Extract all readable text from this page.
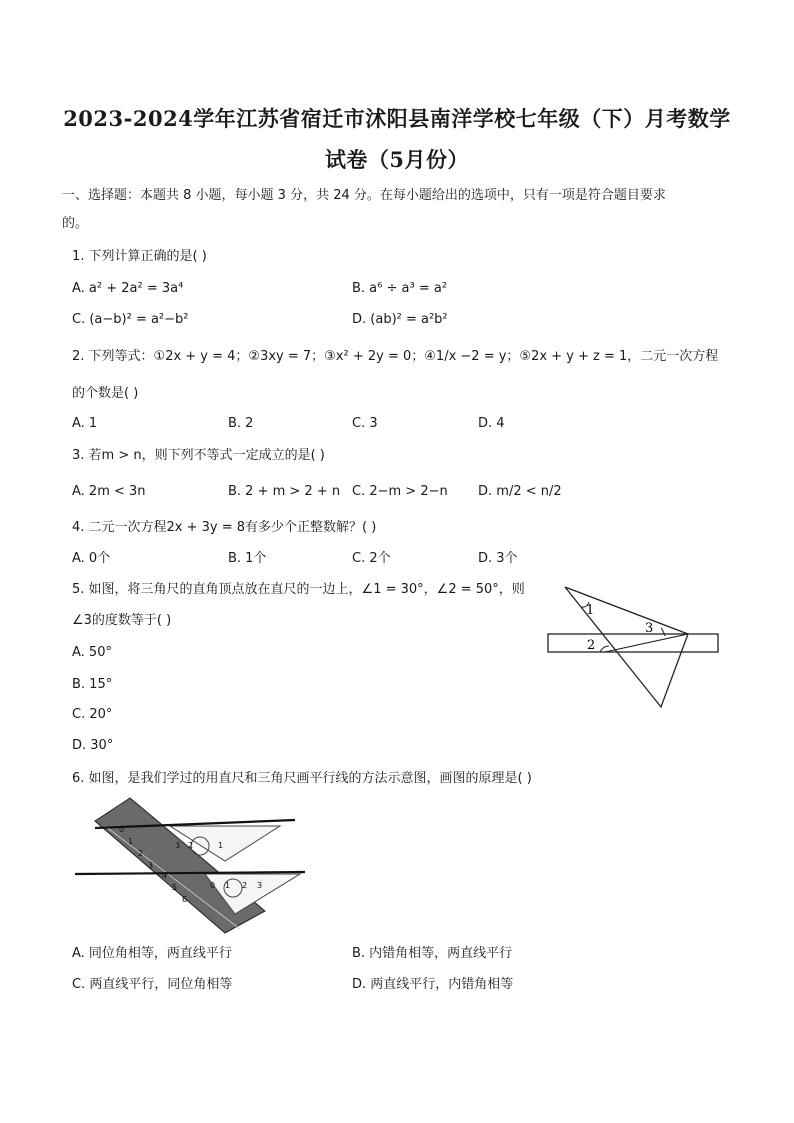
2023-2024学年江苏省宿迁市沭阳县南洋学校七年级（下）月考数学
试卷（5月份）
一、选择题：本题共 8 小题，每小题 3 分，共 24 分。在每小题给出的选项中，只有一项是符合题目要求
的。
1. 下列计算正确的是( )
A. a² + 2a² = 3a⁴	B. a⁶ ÷ a³ = a²
C. (a−b)² = a²−b²	D. (ab)² = a²b²
2. 下列等式：①2x + y = 4；②3xy = 7；③x² + 2y = 0；④1/x −2 = y；⑤2x + y + z = 1，二元一次方程
的个数是( )
A. 1	B. 2	C. 3	D. 4
3. 若m > n，则下列不等式一定成立的是( )
A. 2m < 3n	B. 2 + m > 2 + n C. 2−m > 2−n D. m/2 < n/2
4. 二元一次方程2x + 3y = 8有多少个正整数解？( )
A. 0个	B. 1个	C. 2个	D. 3个
5. 如图，将三角尺的直角顶点放在直尺的一边上，∠1 = 30°，∠2 = 50°，则
∠3的度数等于( )
A. 50°
B. 15°
C. 20°
D. 30°
1
2
3
6. 如图，是我们学过的用直尺和三角尺画平行线的方法示意图，画图的原理是( )
0
1
2
3
4
5
6
3 2	1
0 1 2 3
A. 同位角相等，两直线平行	B. 内错角相等，两直线平行
C. 两直线平行，同位角相等	D. 两直线平行，内错角相等
